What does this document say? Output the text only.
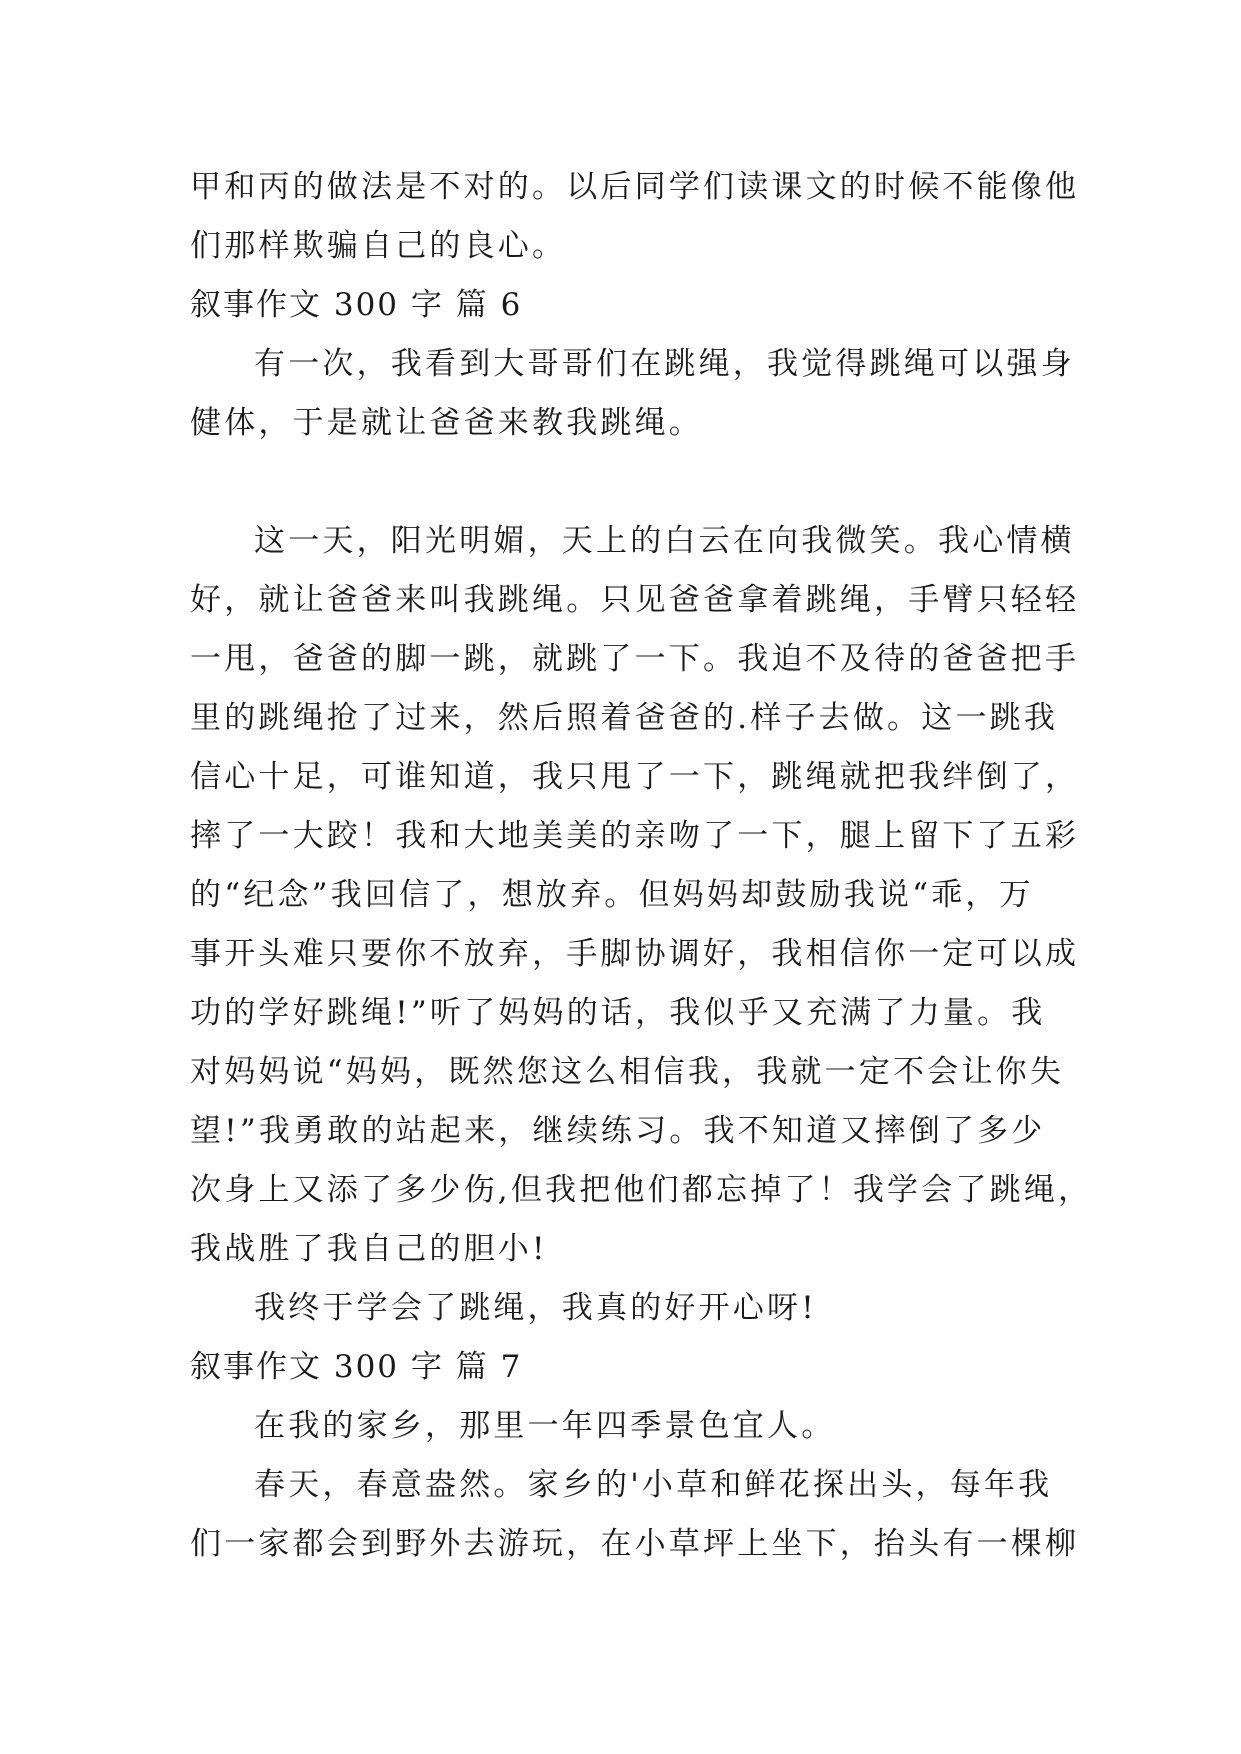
甲和丙的做法是不对的。以后同学们读课文的时候不能像他
们那样欺骗自己的良心。
叙事作文 300 字 篇 6
有一次，我看到大哥哥们在跳绳，我觉得跳绳可以强身
健体，于是就让爸爸来教我跳绳。
这一天，阳光明媚，天上的白云在向我微笑。我心情横
好，就让爸爸来叫我跳绳。只见爸爸拿着跳绳，手臂只轻轻
一甩，爸爸的脚一跳，就跳了一下。我迫不及待的爸爸把手
里的跳绳抢了过来，然后照着爸爸的.样子去做。这一跳我
信心十足，可谁知道，我只甩了一下，跳绳就把我绊倒了，
摔了一大跤！我和大地美美的亲吻了一下，腿上留下了五彩
的“纪念”我回信了，想放弃。但妈妈却鼓励我说“乖，万
事开头难只要你不放弃，手脚协调好，我相信你一定可以成
功的学好跳绳!”听了妈妈的话，我似乎又充满了力量。我
对妈妈说“妈妈，既然您这么相信我，我就一定不会让你失
望!”我勇敢的站起来，继续练习。我不知道又摔倒了多少
次身上又添了多少伤,但我把他们都忘掉了！我学会了跳绳，
我战胜了我自己的胆小!
我终于学会了跳绳，我真的好开心呀!
叙事作文 300 字 篇 7
在我的家乡，那里一年四季景色宜人。
春天，春意盎然。家乡的'小草和鲜花探出头，每年我
们一家都会到野外去游玩，在小草坪上坐下，抬头有一棵柳
